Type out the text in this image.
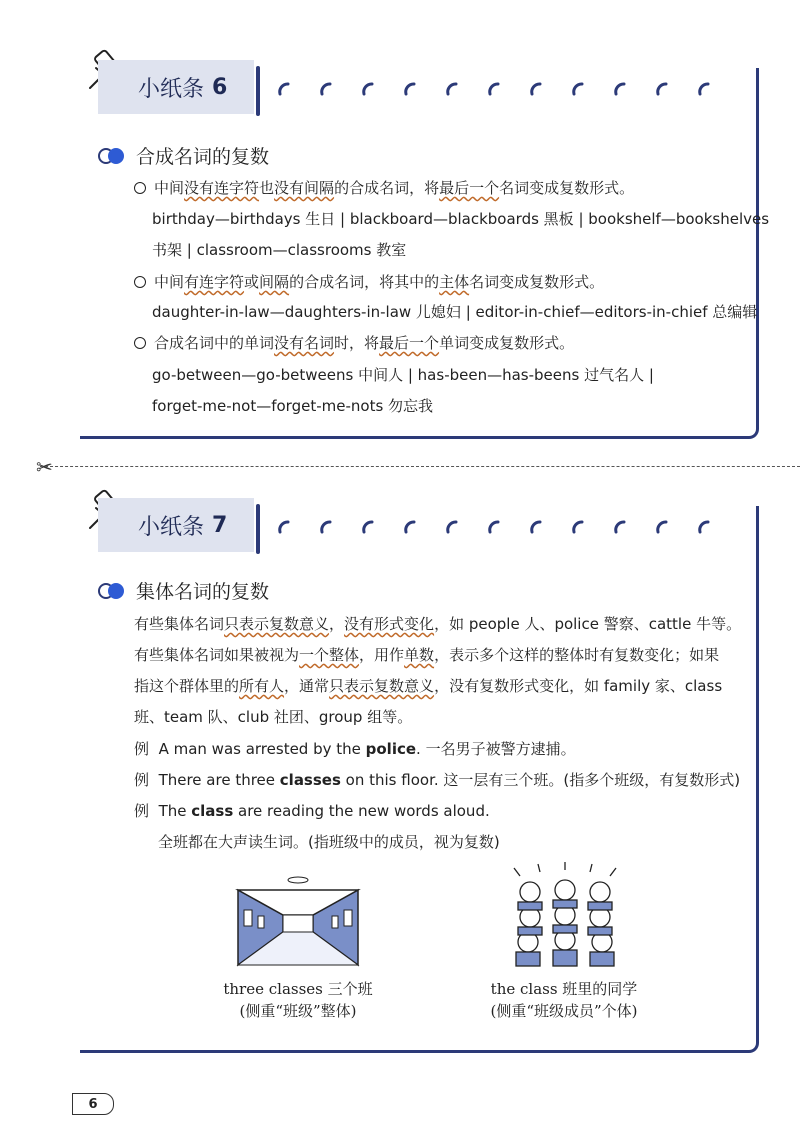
小纸条 6
合成名词的复数
中间没有连字符也没有间隔的合成名词，将最后一个名词变成复数形式。
birthday—birthdays 生日 | blackboard—blackboards 黑板 | bookshelf—bookshelves
书架 | classroom—classrooms 教室
中间有连字符或间隔的合成名词，将其中的主体名词变成复数形式。
daughter-in-law—daughters-in-law 儿媳妇 | editor-in-chief—editors-in-chief 总编辑
合成名词中的单词没有名词时，将最后一个单词变成复数形式。
go-between—go-betweens 中间人 | has-been—has-beens 过气名人 |
forget-me-not—forget-me-nots 勿忘我
✂
小纸条 7
集体名词的复数
有些集体名词只表示复数意义，没有形式变化，如 people 人、police 警察、cattle 牛等。
有些集体名词如果被视为一个整体，用作单数，表示多个这样的整体时有复数变化；如果
指这个群体里的所有人，通常只表示复数意义，没有复数形式变化，如 family 家、class
班、team 队、club 社团、group 组等。
例 A man was arrested by the police. 一名男子被警方逮捕。
例 There are three classes on this floor. 这一层有三个班。(指多个班级，有复数形式)
例 The class are reading the new words aloud.
全班都在大声读生词。(指班级中的成员，视为复数)
three classes 三个班
(侧重“班级”整体)
the class 班里的同学
(侧重“班级成员”个体)
6
